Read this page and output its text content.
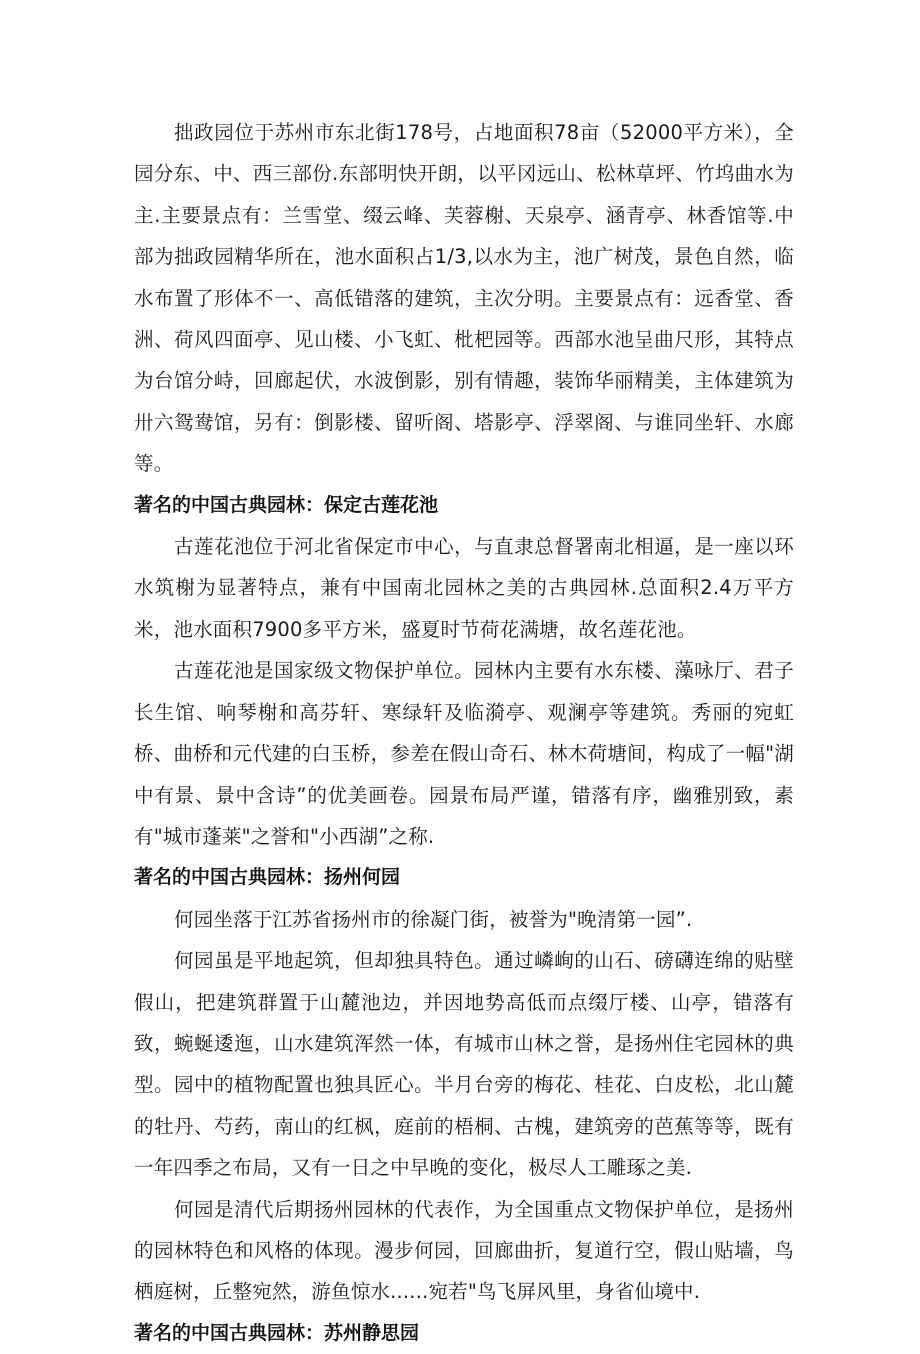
拙政园位于苏州市东北街178号，占地面积78亩（52000平方米），全园分东、中、西三部份.东部明快开朗，以平冈远山、松林草坪、竹坞曲水为主.主要景点有：兰雪堂、缀云峰、芙蓉榭、天泉亭、涵青亭、林香馆等.中部为拙政园精华所在，池水面积占1/3,以水为主，池广树茂，景色自然，临水布置了形体不一、高低错落的建筑，主次分明。主要景点有：远香堂、香洲、荷风四面亭、见山楼、小飞虹、枇杷园等。西部水池呈曲尺形，其特点为台馆分峙，回廊起伏，水波倒影，别有情趣，装饰华丽精美，主体建筑为卅六鸳鸯馆，另有：倒影楼、留听阁、塔影亭、浮翠阁、与谁同坐轩、水廊等。

著名的中国古典园林：保定古莲花池

古莲花池位于河北省保定市中心，与直隶总督署南北相逼，是一座以环水筑榭为显著特点，兼有中国南北园林之美的古典园林.总面积2.4万平方米，池水面积7900多平方米，盛夏时节荷花满塘，故名莲花池。

古莲花池是国家级文物保护单位。园林内主要有水东楼、藻咏厅、君子长生馆、响琴榭和高芬轩、寒绿轩及临漪亭、观澜亭等建筑。秀丽的宛虹桥、曲桥和元代建的白玉桥，参差在假山奇石、林木荷塘间，构成了一幅"湖中有景、景中含诗”的优美画卷。园景布局严谨，错落有序，幽雅别致，素有"城市蓬莱"之誉和"小西湖”之称.

著名的中国古典园林：扬州何园

何园坐落于江苏省扬州市的徐凝门街，被誉为"晚清第一园”.

何园虽是平地起筑，但却独具特色。通过嶙峋的山石、磅礴连绵的贴壁假山，把建筑群置于山麓池边，并因地势高低而点缀厅楼、山亭，错落有致，蜿蜒逶迤，山水建筑浑然一体，有城市山林之誉，是扬州住宅园林的典型。园中的植物配置也独具匠心。半月台旁的梅花、桂花、白皮松，北山麓的牡丹、芍药，南山的红枫，庭前的梧桐、古槐，建筑旁的芭蕉等等，既有一年四季之布局，又有一日之中早晚的变化，极尽人工雕琢之美.

何园是清代后期扬州园林的代表作，为全国重点文物保护单位，是扬州的园林特色和风格的体现。漫步何园，回廊曲折，复道行空，假山贴墙，鸟栖庭树，丘整宛然，游鱼惊水......宛若"鸟飞屏风里，身省仙境中.

著名的中国古典园林：苏州静思园
